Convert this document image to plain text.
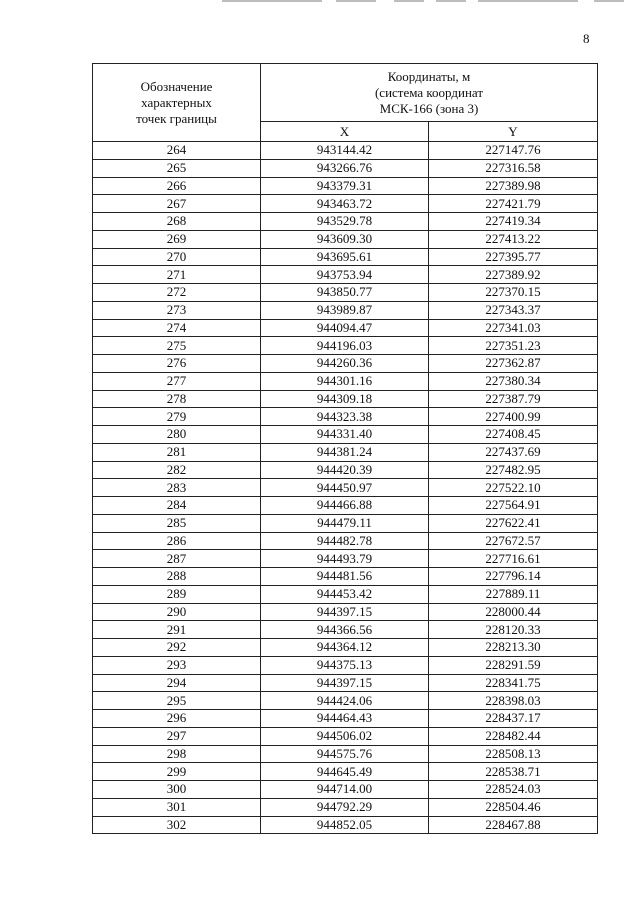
8
Обозначение
характерных
точек границы	Координаты, м
(система координат
МСК-166 (зона 3)	
	X	Y
264	943144.42	227147.76
265	943266.76	227316.58
266	943379.31	227389.98
267	943463.72	227421.79
268	943529.78	227419.34
269	943609.30	227413.22
270	943695.61	227395.77
271	943753.94	227389.92
272	943850.77	227370.15
273	943989.87	227343.37
274	944094.47	227341.03
275	944196.03	227351.23
276	944260.36	227362.87
277	944301.16	227380.34
278	944309.18	227387.79
279	944323.38	227400.99
280	944331.40	227408.45
281	944381.24	227437.69
282	944420.39	227482.95
283	944450.97	227522.10
284	944466.88	227564.91
285	944479.11	227622.41
286	944482.78	227672.57
287	944493.79	227716.61
288	944481.56	227796.14
289	944453.42	227889.11
290	944397.15	228000.44
291	944366.56	228120.33
292	944364.12	228213.30
293	944375.13	228291.59
294	944397.15	228341.75
295	944424.06	228398.03
296	944464.43	228437.17
297	944506.02	228482.44
298	944575.76	228508.13
299	944645.49	228538.71
300	944714.00	228524.03
301	944792.29	228504.46
302	944852.05	228467.88
